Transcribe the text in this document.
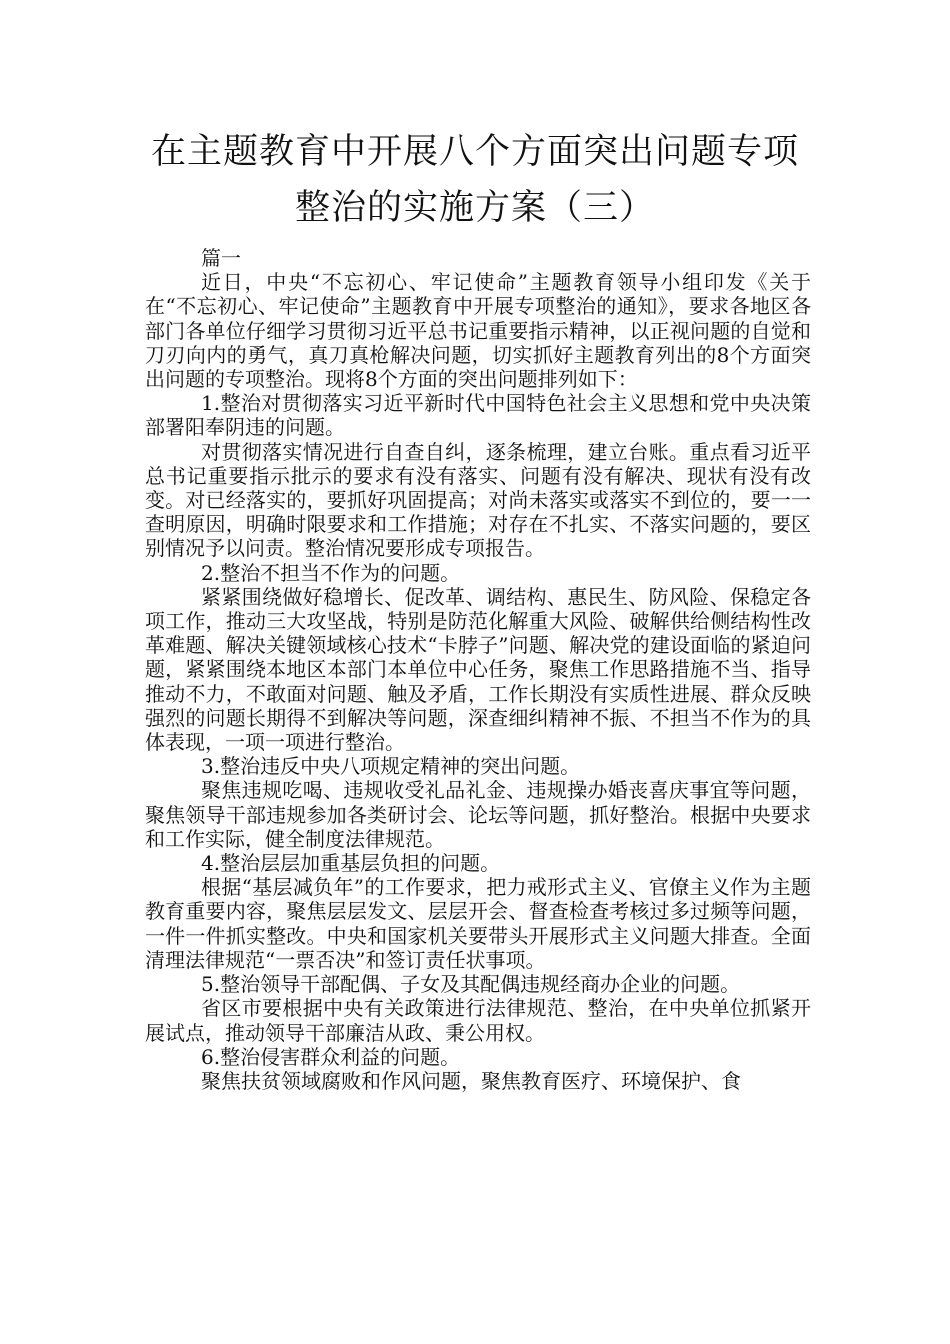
在主题教育中开展八个方面突出问题专项
整治的实施方案（三）

篇一

近日，中央“不忘初心、牢记使命”主题教育领导小组印发《关于在“不忘初心、牢记使命”主题教育中开展专项整治的通知》，要求各地区各部门各单位仔细学习贯彻习近平总书记重要指示精神，以正视问题的自觉和刀刃向内的勇气，真刀真枪解决问题，切实抓好主题教育列出的8个方面突出问题的专项整治。现将8个方面的突出问题排列如下：

1.整治对贯彻落实习近平新时代中国特色社会主义思想和党中央决策部署阳奉阴违的问题。

对贯彻落实情况进行自查自纠，逐条梳理，建立台账。重点看习近平总书记重要指示批示的要求有没有落实、问题有没有解决、现状有没有改变。对已经落实的，要抓好巩固提高；对尚未落实或落实不到位的，要一一查明原因，明确时限要求和工作措施；对存在不扎实、不落实问题的，要区别情况予以问责。整治情况要形成专项报告。

2.整治不担当不作为的问题。

紧紧围绕做好稳增长、促改革、调结构、惠民生、防风险、保稳定各项工作，推动三大攻坚战，特别是防范化解重大风险、破解供给侧结构性改革难题、解决关键领域核心技术“卡脖子”问题、解决党的建设面临的紧迫问题，紧紧围绕本地区本部门本单位中心任务，聚焦工作思路措施不当、指导推动不力，不敢面对问题、触及矛盾，工作长期没有实质性进展、群众反映强烈的问题长期得不到解决等问题，深查细纠精神不振、不担当不作为的具体表现，一项一项进行整治。

3.整治违反中央八项规定精神的突出问题。

聚焦违规吃喝、违规收受礼品礼金、违规操办婚丧喜庆事宜等问题，聚焦领导干部违规参加各类研讨会、论坛等问题，抓好整治。根据中央要求和工作实际，健全制度法律规范。

4.整治层层加重基层负担的问题。

根据“基层减负年”的工作要求，把力戒形式主义、官僚主义作为主题教育重要内容，聚焦层层发文、层层开会、督查检查考核过多过频等问题，一件一件抓实整改。中央和国家机关要带头开展形式主义问题大排查。全面清理法律规范“一票否决”和签订责任状事项。

5.整治领导干部配偶、子女及其配偶违规经商办企业的问题。

省区市要根据中央有关政策进行法律规范、整治，在中央单位抓紧开展试点，推动领导干部廉洁从政、秉公用权。

6.整治侵害群众利益的问题。

聚焦扶贫领域腐败和作风问题，聚焦教育医疗、环境保护、食
